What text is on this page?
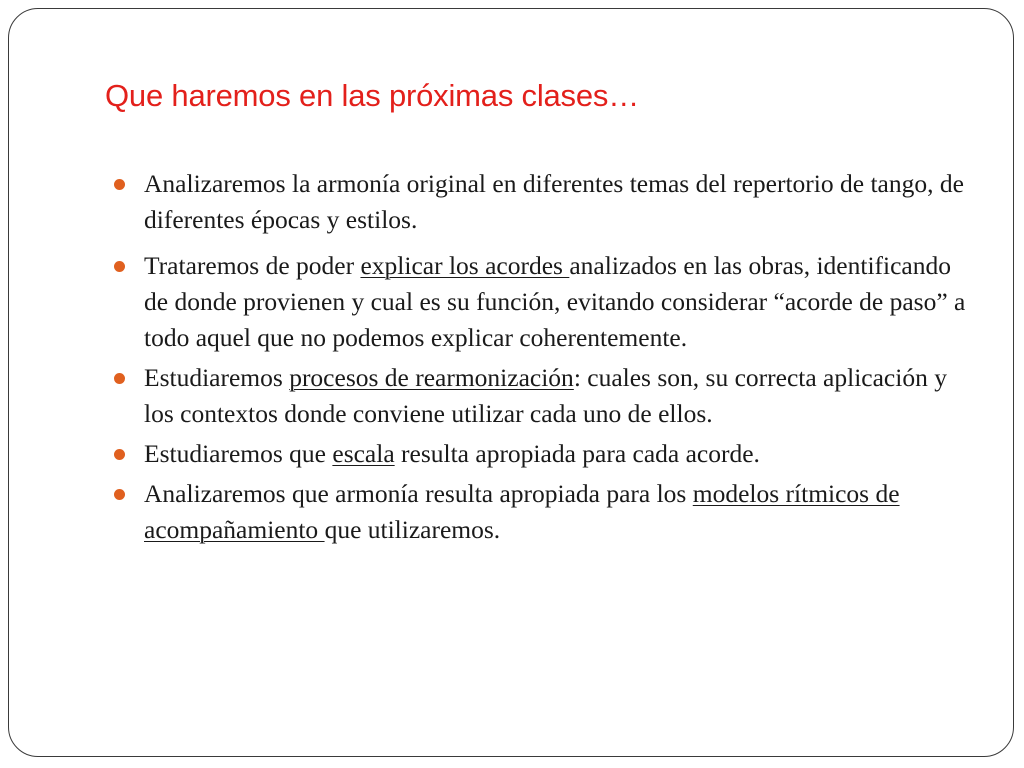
Que haremos en las próximas clases…
Analizaremos la armonía original en diferentes temas del repertorio de tango, de diferentes épocas y estilos.
Trataremos de poder explicar los acordes analizados en las obras, identificando de donde provienen y cual es su función, evitando considerar “acorde de paso” a todo aquel que no podemos explicar coherentemente.
Estudiaremos procesos de rearmonización: cuales son, su correcta aplicación y los contextos donde conviene utilizar cada uno de ellos.
Estudiaremos que escala resulta apropiada para cada acorde.
Analizaremos que armonía resulta apropiada para los modelos rítmicos de acompañamiento que utilizaremos.
